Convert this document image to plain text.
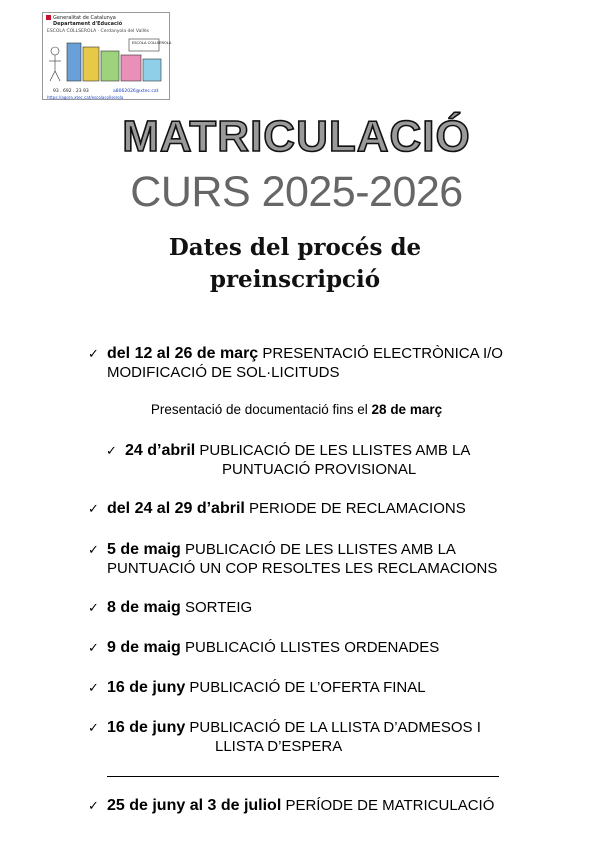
Generalitat de Catalunya
Departament d'Educació
ESCOLA COLLSEROLA · Cerdanyola del Vallès
ESCOLA COLLSEROLA
93 . 692 . 23 93	a8062026@xtec.cat
https://agora.xtec.cat/escolacollserola
MATRICULACIÓ
CURS 2025-2026
Dates del procés de
preinscripció
✓ del 12 al 26 de març PRESENTACIÓ ELECTRÒNICA I/O MODIFICACIÓ DE SOL·LICITUDS
Presentació de documentació fins el 28 de març
✓ 24 d’abril PUBLICACIÓ DE LES LLISTES AMB LA
PUNTUACIÓ PROVISIONAL
✓ del 24 al 29 d’abril PERIODE DE RECLAMACIONS
✓ 5 de maig PUBLICACIÓ DE LES LLISTES AMB LA PUNTUACIÓ UN COP RESOLTES LES RECLAMACIONS
✓ 8 de maig SORTEIG
✓ 9 de maig PUBLICACIÓ LLISTES ORDENADES
✓ 16 de juny PUBLICACIÓ DE L’OFERTA FINAL
✓ 16 de juny PUBLICACIÓ DE LA LLISTA D’ADMESOS I
LLISTA D’ESPERA
✓ 25 de juny al 3 de juliol PERÍODE DE MATRICULACIÓ
